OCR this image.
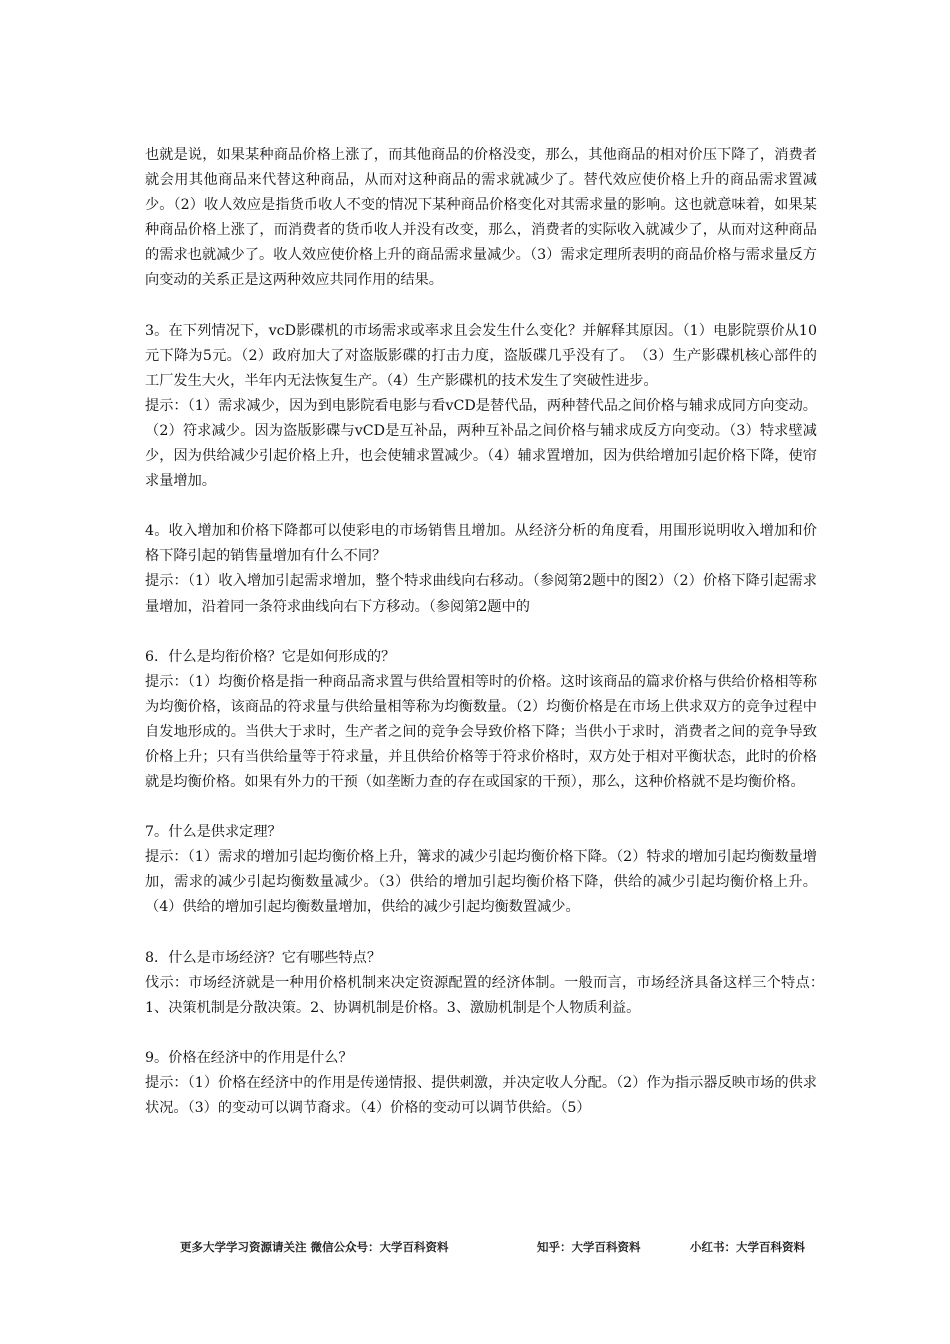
也就是说，如果某种商品价格上涨了，而其他商品的价格没变，那么，其他商品的相对价压下降了，消费者就会用其他商品来代替这种商品，从而对这种商品的需求就减少了。替代效应使价格上升的商品需求置减少。（2）收人效应是指货币收人不变的情况下某种商品价格变化对其需求量的影响。这也就意味着，如果某种商品价格上涨了，而消费者的货币收人并没有改变，那么，消费者的实际收入就减少了，从而对这种商品的需求也就减少了。收人效应使价格上升的商品需求量减少。（3）需求定理所表明的商品价格与需求量反方向变动的关系正是这两种效应共同作用的结果。

3。在下列情况下，vcD影碟机的市场需求或率求且会发生什么变化？并解释其原因。（1）电影院票价从10元下降为5元。（2）政府加大了对盗版影碟的打击力度，盗版碟几乎没有了。　（3）生产影碟机核心部件的工厂发生大火，半年内无法恢复生产。（4）生产影碟机的技术发生了突破性进步。
提示：（1）需求减少，因为到电影院看电影与看vCD是替代品，两种替代品之间价格与辅求成同方向变动。（2）符求减少。因为盗版影碟与vCD是互补品，两种互补品之间价格与辅求成反方向变动。（3）特求壁减少，因为供给减少引起价格上升，也会使辅求置减少。（4）辅求置增加，因为供给增加引起价格下降，使帘求量增加。

4。收入增加和价格下降都可以使彩电的市场销售且增加。从经济分析的角度看，用围形说明收入增加和价格下降引起的销售量增加有什么不同？
提示：（1）收入增加引起需求增加，整个特求曲线向右移动。（参阅第2题中的图2）（2）价格下降引起需求量增加，沿着同一条符求曲线向右下方移动。（参阅第2题中的

6．什么是均衔价格？它是如何形成的？
提示：（1）均衡价格是指一种商品斋求置与供给置相等时的价格。这时该商品的篇求价格与供给价格相等称为均衡价格，该商品的符求量与供给量相等称为均衡数量。（2）均衡价格是在市场上供求双方的竞争过程中自发地形成的。当供大于求时，生产者之间的竞争会导致价格下降；当供小于求时，消费者之间的竞争导致价格上升；只有当供给量等于符求量，并且供给价格等于符求价格时，双方处于相对平衡状态，此时的价格就是均衡价格。如果有外力的干预（如垄断力查的存在或国家的干预），那么，这种价格就不是均衡价格。

7。什么是供求定理？
提示：（1）需求的增加引起均衡价格上升，篝求的减少引起均衡价格下降。（2）特求的增加引起均衡数量增加，需求的减少引起均衡数量减少。（3）供给的增加引起均衡价格下降，供给的减少引起均衡价格上升。（4）供给的增加引起均衡数量增加，供给的减少引起均衡数置减少。

8．什么是市场经济？它有哪些特点？
伐示：市场经济就是一种用价格机制来决定资源配置的经济体制。一般而言，市场经济具备这样三个特点：　1、决策机制是分散决策。2、协调机制是价格。3、激励机制是个人物质利益。

9。价格在经济中的作用是什么？
提示：（1）价格在经济中的作用是传递情报、提供刺激，并决定收人分配。（2）作为指示器反映市场的供求状况。（3）的变动可以调节裔求。（4）价格的变动可以调节供給。（5）

更多大学学习资源请关注 微信公众号：大学百科资料	知乎：大学百科资料	小红书：大学百科资料
